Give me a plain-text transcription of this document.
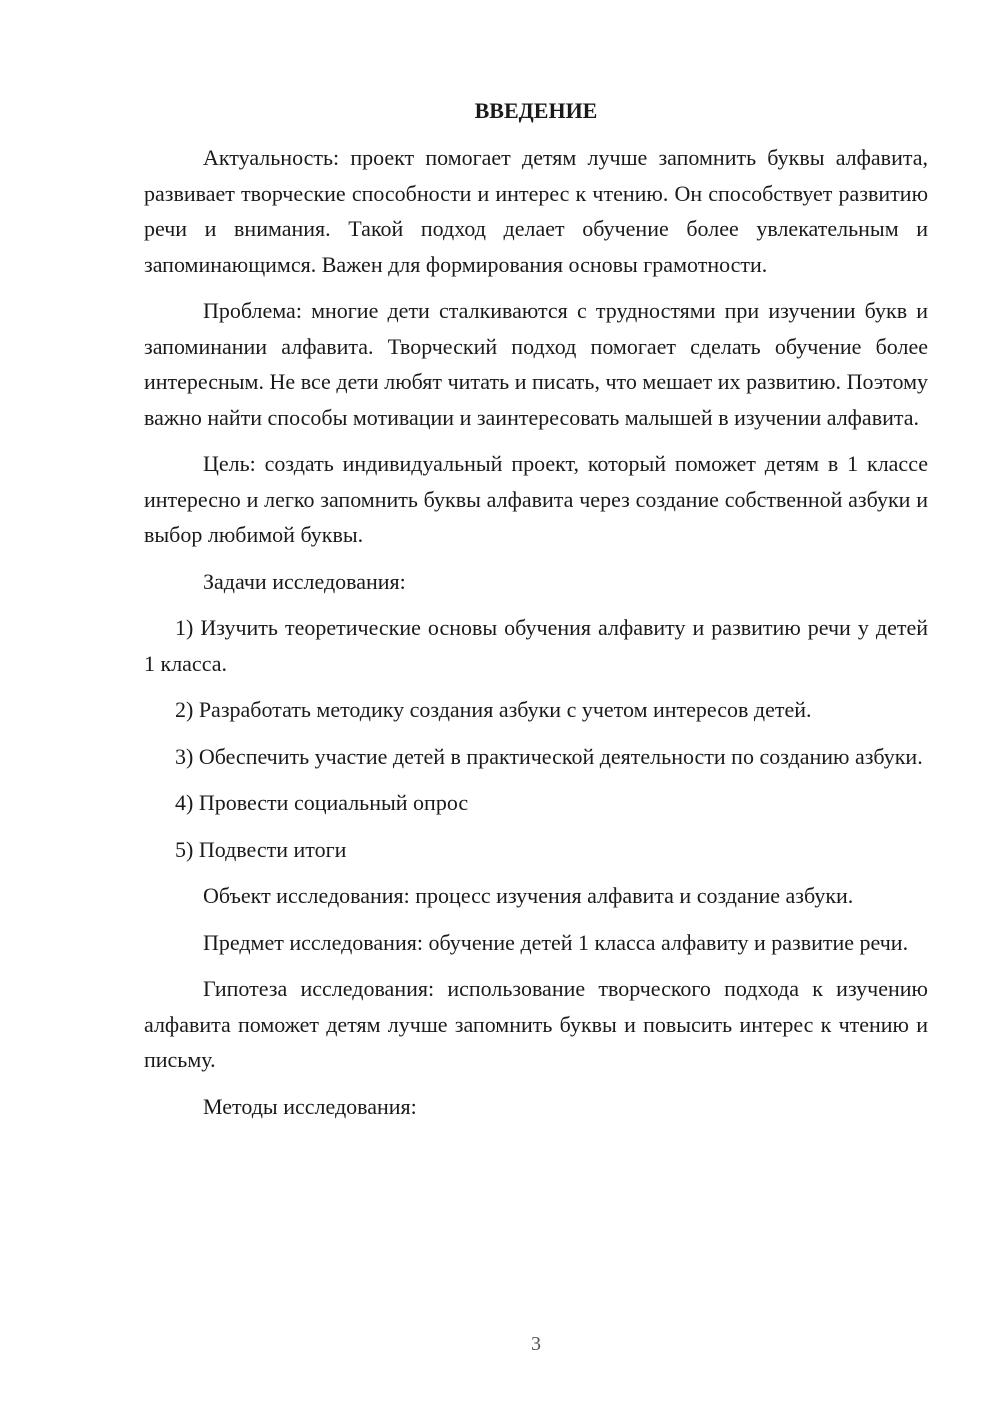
ВВЕДЕНИЕ

Актуальность: проект помогает детям лучше запомнить буквы алфавита, развивает творческие способности и интерес к чтению. Он способствует развитию речи и внимания. Такой подход делает обучение более увлекательным и запоминающимся. Важен для формирования основы грамотности.

Проблема: многие дети сталкиваются с трудностями при изучении букв и запоминании алфавита. Творческий подход помогает сделать обучение более интересным. Не все дети любят читать и писать, что мешает их развитию. Поэтому важно найти способы мотивации и заинтересовать малышей в изучении алфавита.

Цель: создать индивидуальный проект, который поможет детям в 1 классе интересно и легко запомнить буквы алфавита через создание собственной азбуки и выбор любимой буквы.

Задачи исследования:

1) Изучить теоретические основы обучения алфавиту и развитию речи у детей 1 класса.

2) Разработать методику создания азбуки с учетом интересов детей.

3) Обеспечить участие детей в практической деятельности по созданию азбуки.

4) Провести социальный опрос

5) Подвести итоги

Объект исследования: процесс изучения алфавита и создание азбуки.

Предмет исследования: обучение детей 1 класса алфавиту и развитие речи.

Гипотеза исследования: использование творческого подхода к изучению алфавита поможет детям лучше запомнить буквы и повысить интерес к чтению и письму.

Методы исследования:

3
